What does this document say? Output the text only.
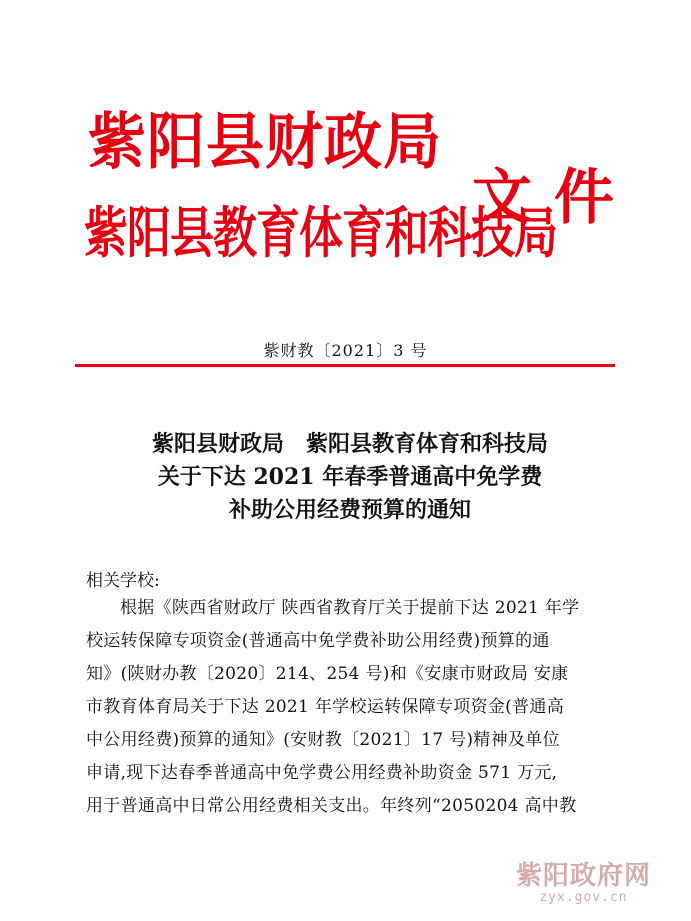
紫阳县财政局
紫阳县教育体育和科技局
文件
紫财教〔2021〕3 号
紫阳县财政局　紫阳县教育体育和科技局
关于下达 2021 年春季普通高中免学费
补助公用经费预算的通知
相关学校:
根据《陕西省财政厅 陕西省教育厅关于提前下达 2021 年学
校运转保障专项资金(普通高中免学费补助公用经费)预算的通
知》(陕财办教〔2020〕214、254 号)和《安康市财政局 安康
市教育体育局关于下达 2021 年学校运转保障专项资金(普通高
中公用经费)预算的通知》(安财教〔2021〕17 号)精神及单位
申请,现下达春季普通高中免学费公用经费补助资金 571 万元,
用于普通高中日常公用经费相关支出。年终列“2050204 高中教
紫阳政府网
zyx.gov.cn
